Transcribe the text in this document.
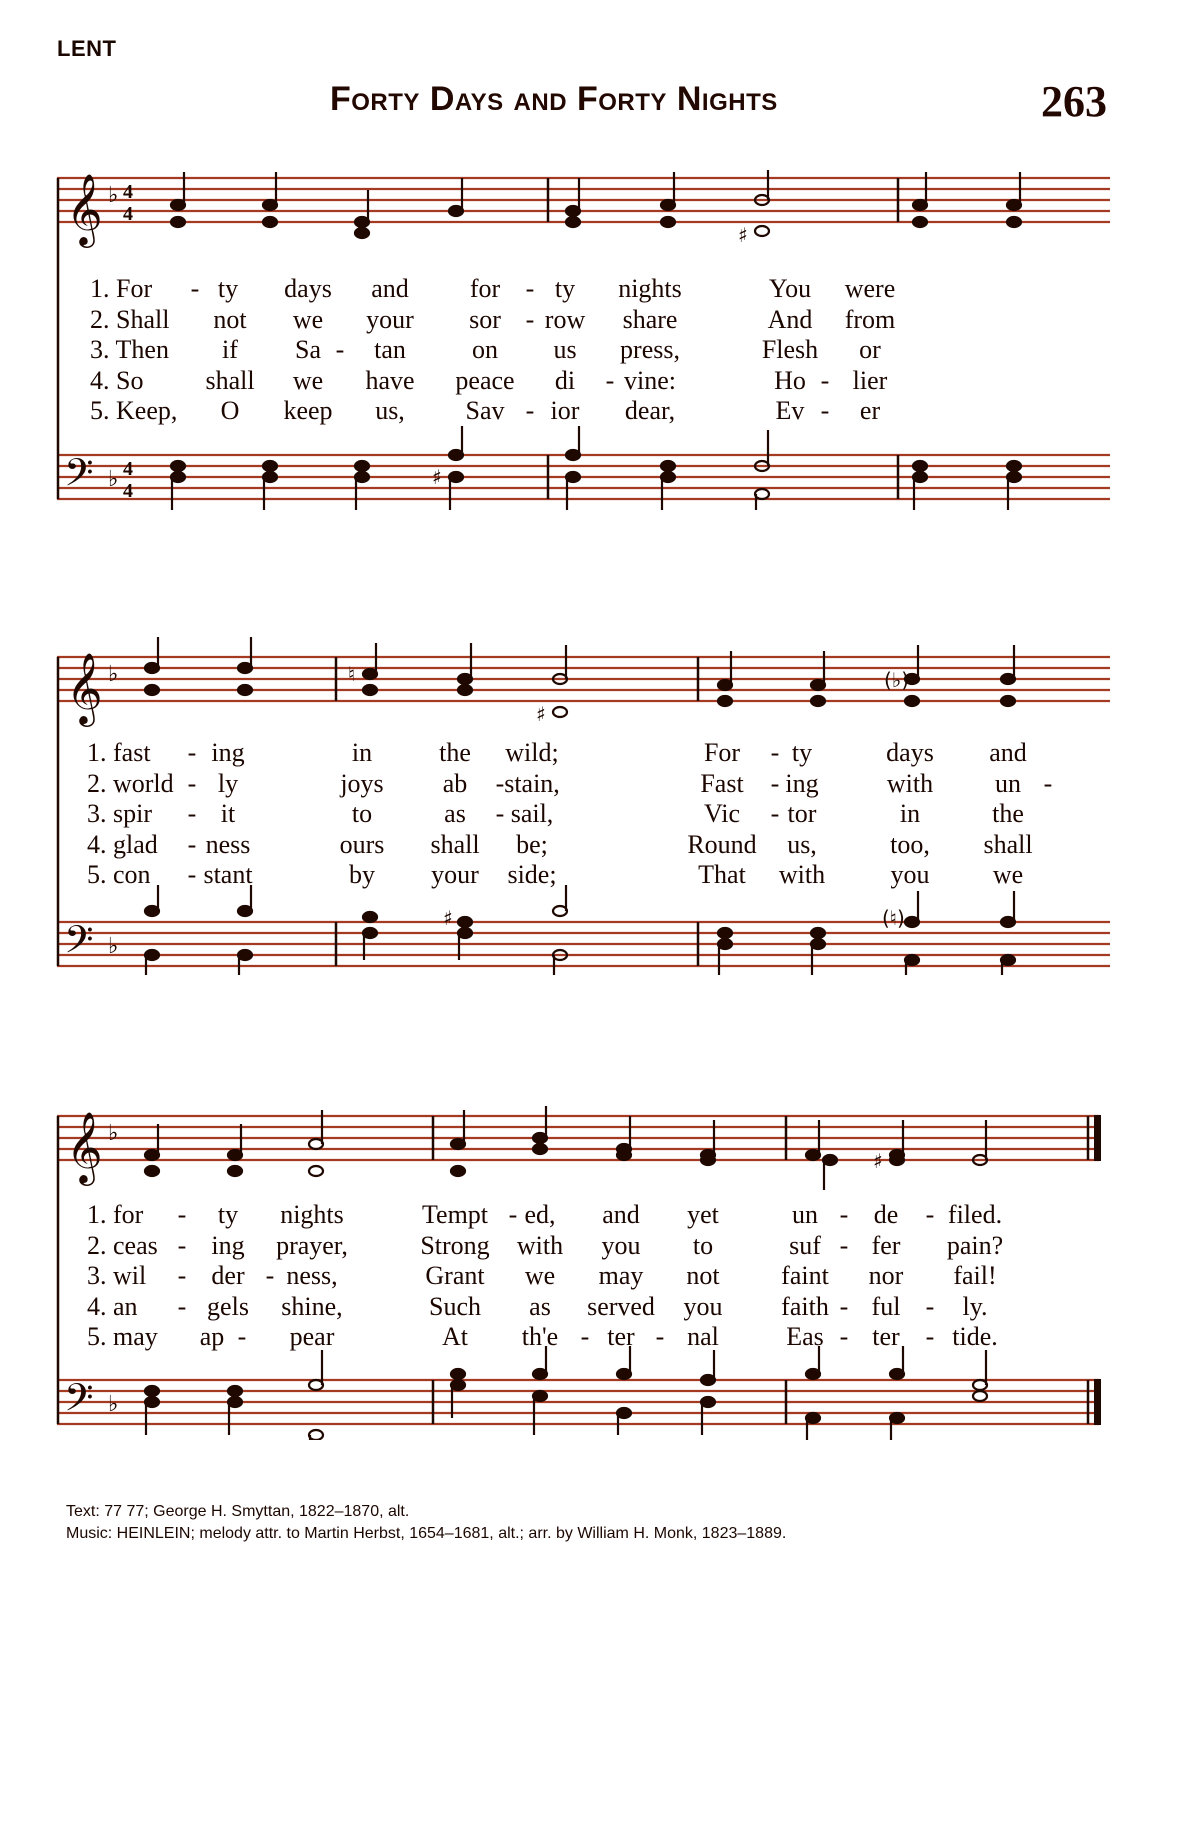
LENT
Forty Days and Forty Nights	263
𝄞 ♭ 4
4
𝄢 ♭ 4
4
♯
♯
𝄞 ♭
𝄢 ♭
♮
♯
(♭)
♯	(♮)
𝄞 ♭
𝄢 ♭
♯
1. For - ty days and for - ty nights	You were
2. Shall not we your sor - row share	And from
3. Then if Sa - tan	on us press,	Flesh or
4. So shall we have peace di - vine:	Ho - lier
5. Keep, O keep us, Sav - ior dear,	Ev - er
1. fast - ing	in	the wild;	For - ty	days and
2. world - ly	joys ab - stain,	Fast - ing	with un -
3. spir - it	to	as - sail,	Vic - tor	in	the
4. glad - ness	ours shall be;	Round us,	too, shall
5. con - stant	by your side;	That with	you we
1. for - ty nights	Tempt - ed, and yet	un - de - filed.
2. ceas - ing prayer,	Strong with you to	suf - fer pain?
3. wil - der - ness,	Grant we may not faint nor fail!
4. an - gels shine,	Such as served you faith - ful - ly.
5. may ap - pear	At th'e - ter - nal	Eas - ter - tide.
Text: 77 77; George H. Smyttan, 1822–1870, alt.
Music: HEINLEIN; melody attr. to Martin Herbst, 1654–1681, alt.; arr. by William H. Monk, 1823–1889.
